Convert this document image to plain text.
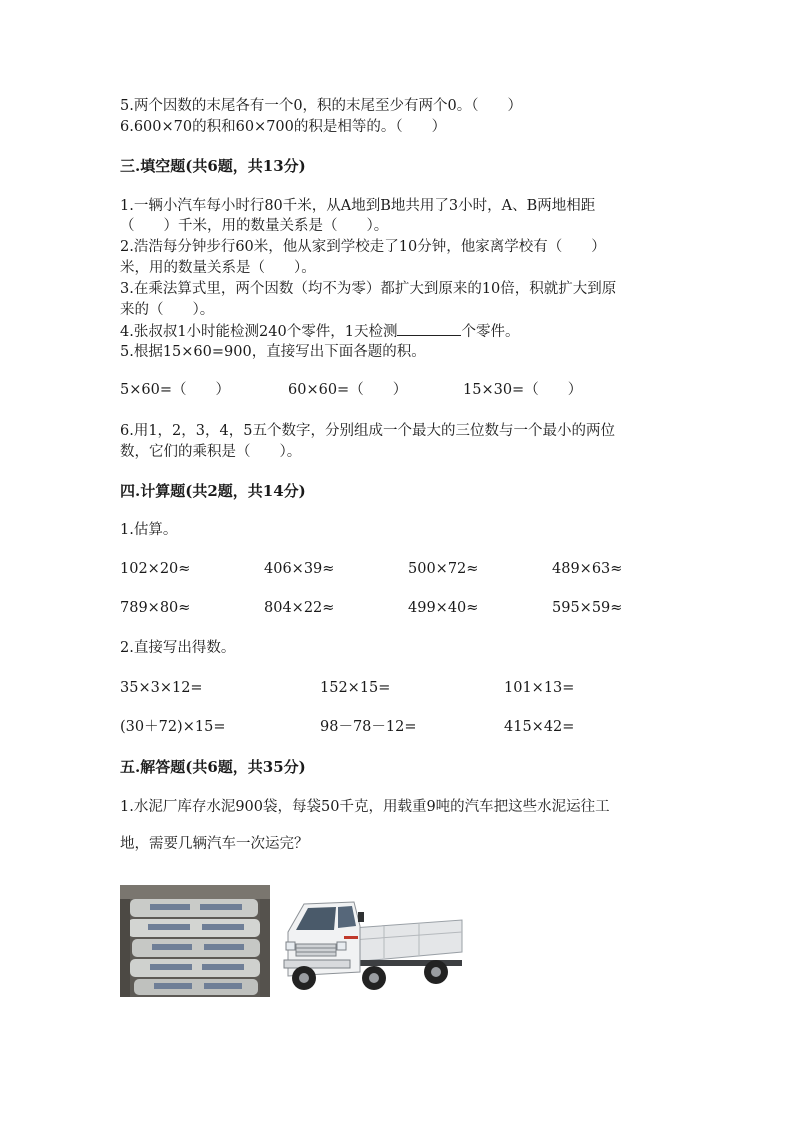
5.两个因数的末尾各有一个0，积的末尾至少有两个0。（　　）

6.600×70的积和60×700的积是相等的。（　　）

三.填空题(共6题，共13分)

1.一辆小汽车每小时行80千米，从A地到B地共用了3小时，A、B两地相距

（　　）千米，用的数量关系是（　　）。

2.浩浩每分钟步行60米，他从家到学校走了10分钟，他家离学校有（　　）

米，用的数量关系是（　　）。

3.在乘法算式里，两个因数（均不为零）都扩大到原来的10倍，积就扩大到原

来的（　　）。

4.张叔叔1小时能检测240个零件，1天检测	个零件。

5.根据15×60=900，直接写出下面各题的积。

5×60=（　　）	60×60=（　　）	15×30=（　　）

6.用1，2，3，4，5五个数字，分别组成一个最大的三位数与一个最小的两位

数，它们的乘积是（　　）。

四.计算题(共2题，共14分)

1.估算。

102×20≈	406×39≈	500×72≈	489×63≈
789×80≈	804×22≈	499×40≈	595×59≈

2.直接写出得数。

35×3×12=	152×15=	101×13=
(30＋72)×15=	98－78－12=	415×42=

五.解答题(共6题，共35分)

1.水泥厂库存水泥900袋，每袋50千克，用载重9吨的汽车把这些水泥运往工

地，需要几辆汽车一次运完？
